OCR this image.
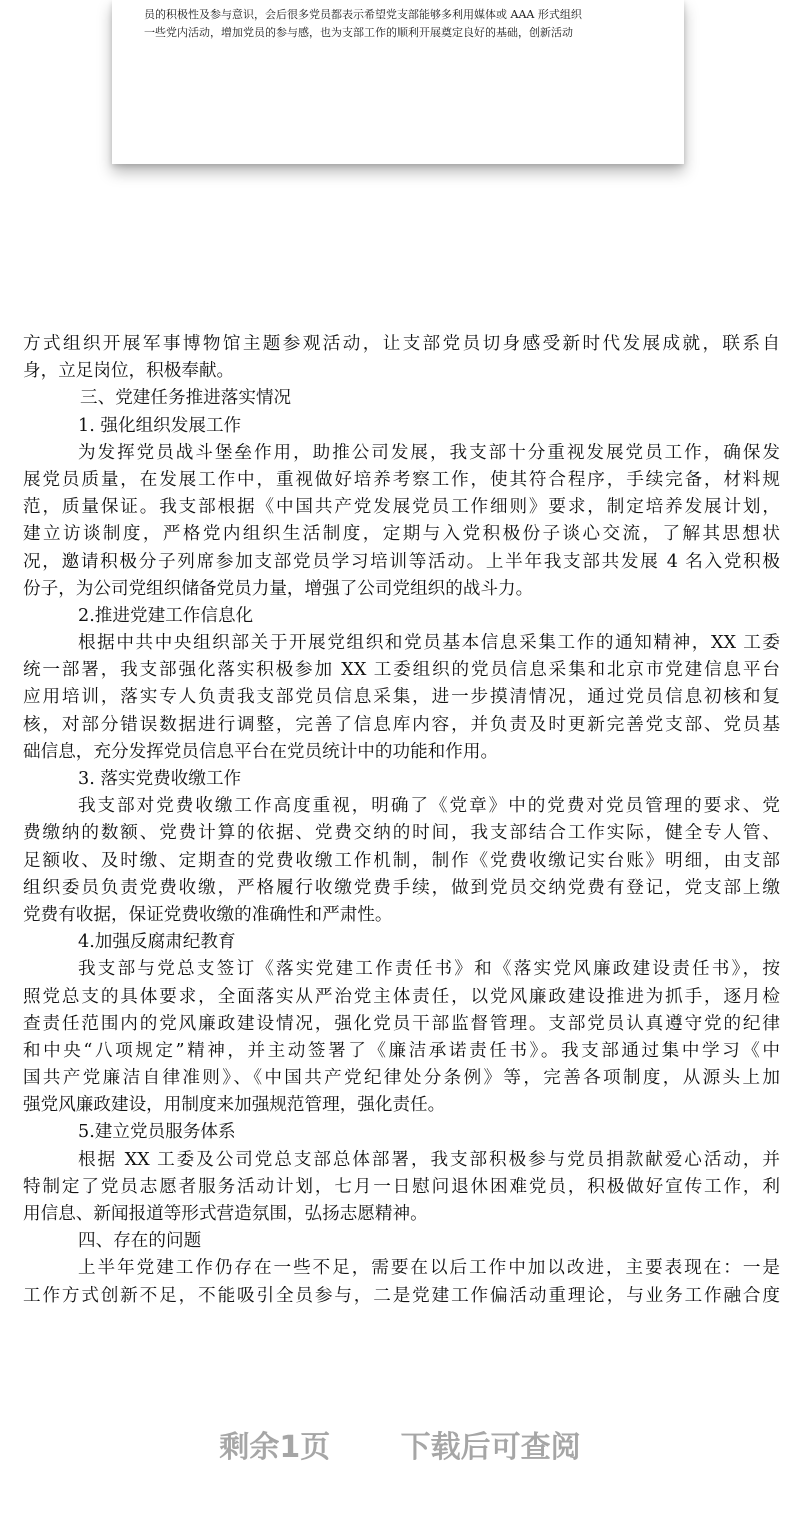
员的积极性及参与意识，会后很多党员都表示希望党支部能够多利用媒体或 AAA 形式组织
一些党内活动，增加党员的参与感，也为支部工作的顺利开展奠定良好的基础，创新活动
方式组织开展军事博物馆主题参观活动，让支部党员切身感受新时代发展成就，联系自
身，立足岗位，积极奉献。
三、党建任务推进落实情况
1. 强化组织发展工作
为发挥党员战斗堡垒作用，助推公司发展，我支部十分重视发展党员工作，确保发
展党员质量，在发展工作中，重视做好培养考察工作，使其符合程序，手续完备，材料规
范，质量保证。我支部根据《中国共产党发展党员工作细则》要求，制定培养发展计划，
建立访谈制度，严格党内组织生活制度，定期与入党积极份子谈心交流，了解其思想状
况，邀请积极分子列席参加支部党员学习培训等活动。上半年我支部共发展 4 名入党积极
份子，为公司党组织储备党员力量，增强了公司党组织的战斗力。
2.推进党建工作信息化
根据中共中央组织部关于开展党组织和党员基本信息采集工作的通知精神，XX 工委
统一部署，我支部强化落实积极参加 XX 工委组织的党员信息采集和北京市党建信息平台
应用培训，落实专人负责我支部党员信息采集，进一步摸清情况，通过党员信息初核和复
核，对部分错误数据进行调整，完善了信息库内容，并负责及时更新完善党支部、党员基
础信息，充分发挥党员信息平台在党员统计中的功能和作用。
3. 落实党费收缴工作
我支部对党费收缴工作高度重视，明确了《党章》中的党费对党员管理的要求、党
费缴纳的数额、党费计算的依据、党费交纳的时间，我支部结合工作实际，健全专人管、
足额收、及时缴、定期查的党费收缴工作机制，制作《党费收缴记实台账》明细，由支部
组织委员负责党费收缴，严格履行收缴党费手续，做到党员交纳党费有登记，党支部上缴
党费有收据，保证党费收缴的准确性和严肃性。
4.加强反腐肃纪教育
我支部与党总支签订《落实党建工作责任书》和《落实党风廉政建设责任书》，按
照党总支的具体要求，全面落实从严治党主体责任，以党风廉政建设推进为抓手，逐月检
查责任范围内的党风廉政建设情况，强化党员干部监督管理。支部党员认真遵守党的纪律
和中央“八项规定”精神，并主动签署了《廉洁承诺责任书》。我支部通过集中学习《中
国共产党廉洁自律准则》、《中国共产党纪律处分条例》等，完善各项制度，从源头上加
强党风廉政建设，用制度来加强规范管理，强化责任。
5.建立党员服务体系
根据 XX 工委及公司党总支部总体部署，我支部积极参与党员捐款献爱心活动，并
特制定了党员志愿者服务活动计划，七月一日慰问退休困难党员，积极做好宣传工作，利
用信息、新闻报道等形式营造氛围，弘扬志愿精神。
四、存在的问题
上半年党建工作仍存在一些不足，需要在以后工作中加以改进，主要表现在：一是
工作方式创新不足，不能吸引全员参与，二是党建工作偏活动重理论，与业务工作融合度
剩余1页 下载后可查阅
